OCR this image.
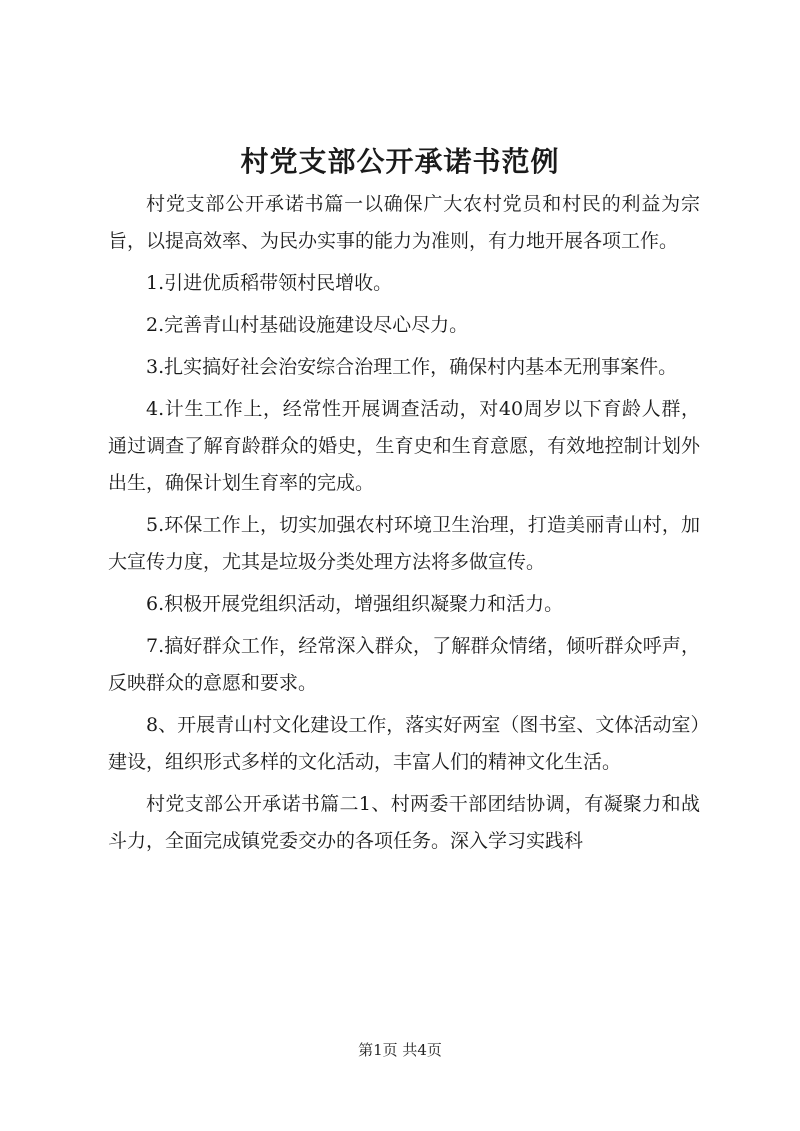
村党支部公开承诺书范例

村党支部公开承诺书篇一以确保广大农村党员和村民的利益为宗旨，以提高效率、为民办实事的能力为准则，有力地开展各项工作。

1.引进优质稻带领村民增收。

2.完善青山村基础设施建设尽心尽力。

3.扎实搞好社会治安综合治理工作，确保村内基本无刑事案件。

4.计生工作上，经常性开展调查活动，对40周岁以下育龄人群，通过调查了解育龄群众的婚史，生育史和生育意愿，有效地控制计划外出生，确保计划生育率的完成。

5.环保工作上，切实加强农村环境卫生治理，打造美丽青山村，加大宣传力度，尤其是垃圾分类处理方法将多做宣传。

6.积极开展党组织活动，增强组织凝聚力和活力。

7.搞好群众工作，经常深入群众，了解群众情绪，倾听群众呼声，反映群众的意愿和要求。

8、开展青山村文化建设工作，落实好两室（图书室、文体活动室）建设，组织形式多样的文化活动，丰富人们的精神文化生活。

村党支部公开承诺书篇二1、村两委干部团结协调，有凝聚力和战斗力，全面完成镇党委交办的各项任务。深入学习实践科

第1页 共4页
